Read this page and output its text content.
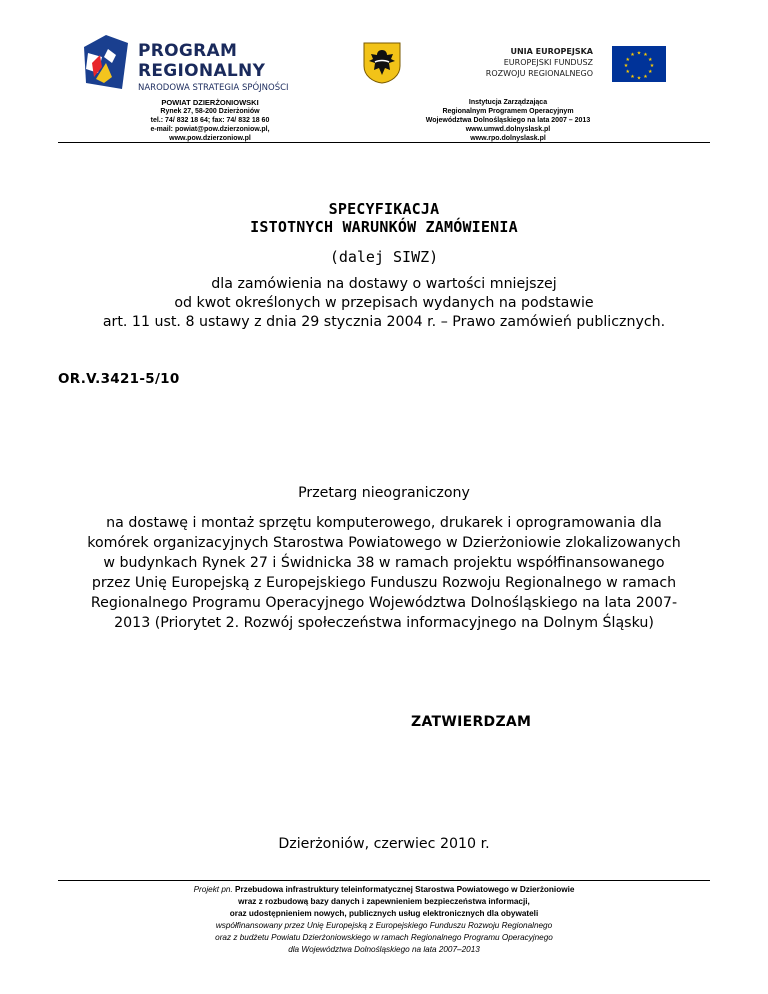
PROGRAM
REGIONALNY
NARODOWA STRATEGIA SPÓJNOŚCI
UNIA EUROPEJSKA
EUROPEJSKI FUNDUSZ
ROZWOJU REGIONALNEGO
★ ★
★
★
★
★
★
★
★
★
★
★
POWIAT DZIERŻONIOWSKI
Rynek 27, 58-200 Dzierżoniów
tel.: 74/ 832 18 64; fax: 74/ 832 18 60
e-mail: powiat@pow.dzierzoniow.pl,
www.pow.dzierzoniow.pl
Instytucja Zarządzająca
Regionalnym Programem Operacyjnym
Województwa Dolnośląskiego na lata 2007 – 2013
www.umwd.dolnyslask.pl
www.rpo.dolnyslask.pl
SPECYFIKACJA
ISTOTNYCH WARUNKÓW ZAMÓWIENIA
(dalej SIWZ)
dla zamówienia na dostawy o wartości mniejszej
od kwot określonych w przepisach wydanych na podstawie
art. 11 ust. 8 ustawy z dnia 29 stycznia 2004 r. – Prawo zamówień publicznych.
OR.V.3421-5/10
Przetarg nieograniczony
na dostawę i montaż sprzętu komputerowego, drukarek i oprogramowania dla
komórek organizacyjnych Starostwa Powiatowego w Dzierżoniowie zlokalizowanych
w budynkach Rynek 27 i Świdnicka 38 w ramach projektu współfinansowanego
przez Unię Europejską z Europejskiego Funduszu Rozwoju Regionalnego w ramach
Regionalnego Programu Operacyjnego Województwa Dolnośląskiego na lata 2007-
2013 (Priorytet 2. Rozwój społeczeństwa informacyjnego na Dolnym Śląsku)
ZATWIERDZAM
Dzierżoniów, czerwiec 2010 r.
Projekt pn. Przebudowa infrastruktury teleinformatycznej Starostwa Powiatowego w Dzierżoniowie
wraz z rozbudową bazy danych i zapewnieniem bezpieczeństwa informacji,
oraz udostępnieniem nowych, publicznych usług elektronicznych dla obywateli
współfinansowany przez Unię Europejską z Europejskiego Funduszu Rozwoju Regionalnego
oraz z budżetu Powiatu Dzierżoniowskiego w ramach Regionalnego Programu Operacyjnego
dla Województwa Dolnośląskiego na lata 2007–2013
